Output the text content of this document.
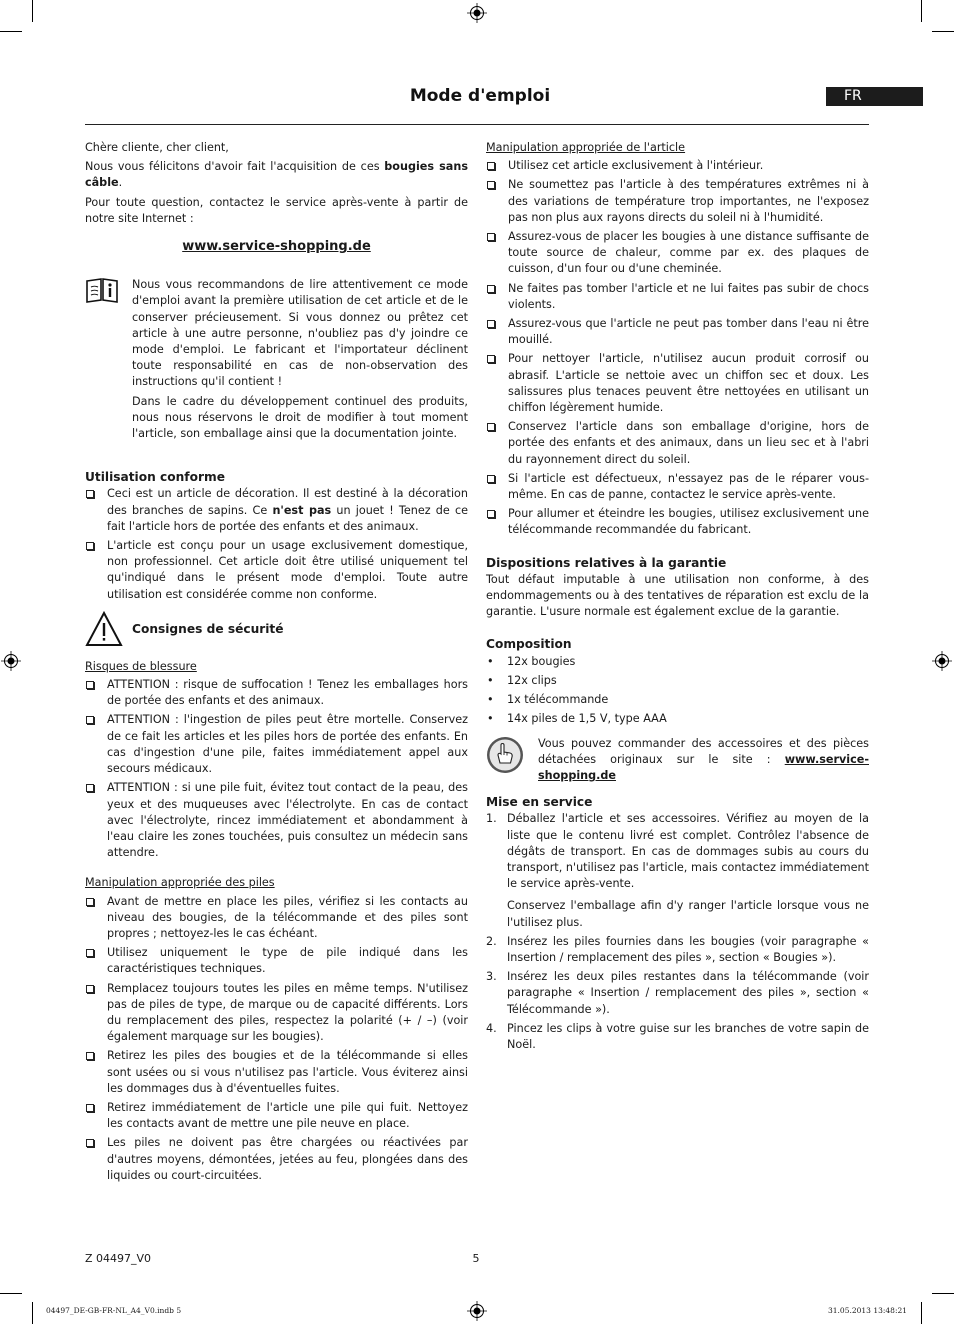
Mode d'emploi	FR

Chère cliente, cher client,

Nous vous félicitons d'avoir fait l'acquisition de ces bougies sans câble.

Pour toute question, contactez le service après-vente à partir de notre site Internet :

www.service-shopping.de

Nous vous recommandons de lire attentivement ce mode d'emploi avant la première utilisation de cet article et de le conserver précieusement. Si vous donnez ou prêtez cet article à une autre personne, n'oubliez pas d'y joindre ce mode d'emploi. Le fabricant et l'importateur déclinent toute responsabilité en cas de non-observation des instructions qu'il contient !

Dans le cadre du développement continuel des produits, nous nous réservons le droit de modifier à tout moment l'article, son emballage ainsi que la documentation jointe.

Utilisation conforme
Ceci est un article de décoration. Il est destiné à la décoration des branches de sapins. Ce n'est pas un jouet ! Tenez de ce fait l'article hors de portée des enfants et des animaux.
L'article est conçu pour un usage exclusivement domestique, non professionnel. Cet article doit être utilisé uniquement tel qu'indiqué dans le présent mode d'emploi. Toute autre utilisation est considérée comme non conforme.
Consignes de sécurité
Risques de blessure
ATTENTION : risque de suffocation ! Tenez les emballages hors de portée des enfants et des animaux.
ATTENTION : l'ingestion de piles peut être mortelle. Conservez de ce fait les articles et les piles hors de portée des enfants. En cas d'ingestion d'une pile, faites immédiatement appel aux secours médicaux.
ATTENTION : si une pile fuit, évitez tout contact de la peau, des yeux et des muqueuses avec l'électrolyte. En cas de contact avec l'électrolyte, rincez immédiatement et abondamment à l'eau claire les zones touchées, puis consultez un médecin sans attendre.
Manipulation appropriée des piles
Avant de mettre en place les piles, vérifiez si les contacts au niveau des bougies, de la télécommande et des piles sont propres ; nettoyez-les le cas échéant.
Utilisez uniquement le type de pile indiqué dans les caractéristiques techniques.
Remplacez toujours toutes les piles en même temps. N'utilisez pas de piles de type, de marque ou de capacité différents. Lors du remplacement des piles, respectez la polarité (+ / –) (voir également marquage sur les bougies).
Retirez les piles des bougies et de la télécommande si elles sont usées ou si vous n'utilisez pas l'article. Vous éviterez ainsi les dommages dus à d'éventuelles fuites.
Retirez immédiatement de l'article une pile qui fuit. Nettoyez les contacts avant de mettre une pile neuve en place.
Les piles ne doivent pas être chargées ou réactivées par d'autres moyens, démontées, jetées au feu, plongées dans des liquides ou court-circuitées.
Manipulation appropriée de l'article
Utilisez cet article exclusivement à l'intérieur.
Ne soumettez pas l'article à des températures extrêmes ni à des variations de température trop importantes, ne l'exposez pas non plus aux rayons directs du soleil ni à l'humidité.
Assurez-vous de placer les bougies à une distance suffisante de toute source de chaleur, comme par ex. des plaques de cuisson, d'un four ou d'une cheminée.
Ne faites pas tomber l'article et ne lui faites pas subir de chocs violents.
Assurez-vous que l'article ne peut pas tomber dans l'eau ni être mouillé.
Pour nettoyer l'article, n'utilisez aucun produit corrosif ou abrasif. L'article se nettoie avec un chiffon sec et doux. Les salissures plus tenaces peuvent être nettoyées en utilisant un chiffon légèrement humide.
Conservez l'article dans son emballage d'origine, hors de portée des enfants et des animaux, dans un lieu sec et à l'abri du rayonnement direct du soleil.
Si l'article est défectueux, n'essayez pas de le réparer vous-même. En cas de panne, contactez le service après-vente.
Pour allumer et éteindre les bougies, utilisez exclusivement une télécommande recommandée du fabricant.
Dispositions relatives à la garantie

Tout défaut imputable à une utilisation non conforme, à des endommagements ou à des tentatives de réparation est exclu de la garantie. L'usure normale est également exclue de la garantie.

Composition
• 12x bougies
• 12x clips
• 1x télécommande
• 14x piles de 1,5 V, type AAA
Vous pouvez commander des accessoires et des pièces détachées originaux sur le site : www.service-shopping.de
Mise en service
1. Déballez l'article et ses accessoires. Vérifiez au moyen de la liste que le contenu livré est complet. Contrôlez l'absence de dégâts de transport. En cas de dommages subis au cours du transport, n'utilisez pas l'article, mais contactez immédiatement le service après-vente.

Conservez l'emballage afin d'y ranger l'article lorsque vous ne l'utilisez plus.

2. Insérez les piles fournies dans les bougies (voir paragraphe « Insertion / remplacement des piles », section « Bougies »).
3. Insérez les deux piles restantes dans la télécommande (voir paragraphe « Insertion / remplacement des piles », section « Télécommande »).
4. Pincez les clips à votre guise sur les branches de votre sapin de Noël.
Z 04497_V0	5
04497_DE-GB-FR-NL_A4_V0.indb 5	31.05.2013 13:48:21
